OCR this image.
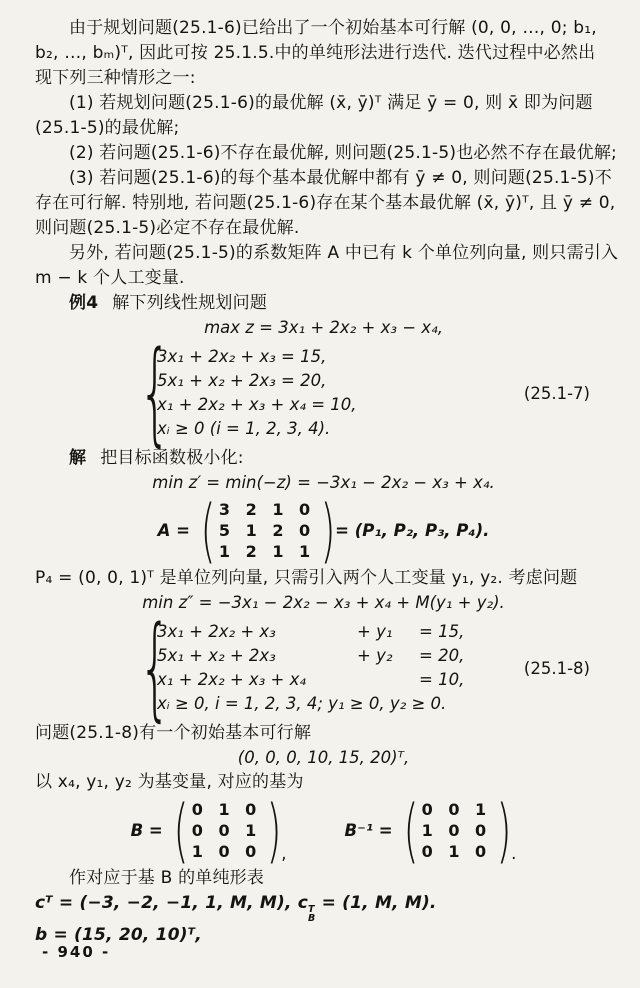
由于规划问题(25.1-6)已给出了一个初始基本可行解 (0, 0, …, 0; b₁,
b₂, …, bₘ)ᵀ, 因此可按 25.1.5.中的单纯形法进行迭代. 迭代过程中必然出
现下列三种情形之一:
(1) 若规划问题(25.1-6)的最优解 (x̄, ȳ)ᵀ 满足 ȳ = 0, 则 x̄ 即为问题
(25.1-5)的最优解;
(2) 若问题(25.1-6)不存在最优解, 则问题(25.1-5)也必然不存在最优解;
(3) 若问题(25.1-6)的每个基本最优解中都有 ȳ ≠ 0, 则问题(25.1-5)不
存在可行解. 特别地, 若问题(25.1-6)存在某个基本最优解 (x̄, ȳ)ᵀ, 且 ȳ ≠ 0,
则问题(25.1-5)必定不存在最优解.
另外, 若问题(25.1-5)的系数矩阵 A 中已有 k 个单位列向量, 则只需引入
m − k 个人工变量.
例4 解下列线性规划问题
max z = 3x₁ + 2x₂ + x₃ − x₄,
{
3x₁ + 2x₂ + x₃ = 15,
5x₁ + x₂ + 2x₃ = 20,
x₁ + 2x₂ + x₃ + x₄ = 10,
xᵢ ≥ 0 (i = 1, 2, 3, 4).
(25.1-7)
解 把目标函数极小化:
min z′ = min(−z) = −3x₁ − 2x₂ − x₃ + x₄.
A = ( 3 2 1 0
5 1 2 0
1 2 1 1 ) = (P₁, P₂, P₃, P₄).
P₄ = (0, 0, 1)ᵀ 是单位列向量, 只需引入两个人工变量 y₁, y₂. 考虑问题
min z″ = −3x₁ − 2x₂ − x₃ + x₄ + M(y₁ + y₂).
{
3x₁ + 2x₂ + x₃	+ y₁	= 15,
5x₁ + x₂ + 2x₃	+ y₂	= 20,
x₁ + 2x₂ + x₃ + x₄	= 10,
xᵢ ≥ 0, i = 1, 2, 3, 4; y₁ ≥ 0, y₂ ≥ 0.
(25.1-8)
问题(25.1-8)有一个初始基本可行解
(0, 0, 0, 10, 15, 20)ᵀ,
以 x₄, y₁, y₂ 为基变量, 对应的基为
B = ( 0 1 0
0 0 1
1 0 0 ) ,
B⁻¹ = ( 0 0 1
1 0 0
0 1 0 ) .
作对应于基 B 的单纯形表
cᵀ = (−3, −2, −1, 1, M, M), c T
B
= (1, M, M).
b = (15, 20, 10)ᵀ,
- 940 -
